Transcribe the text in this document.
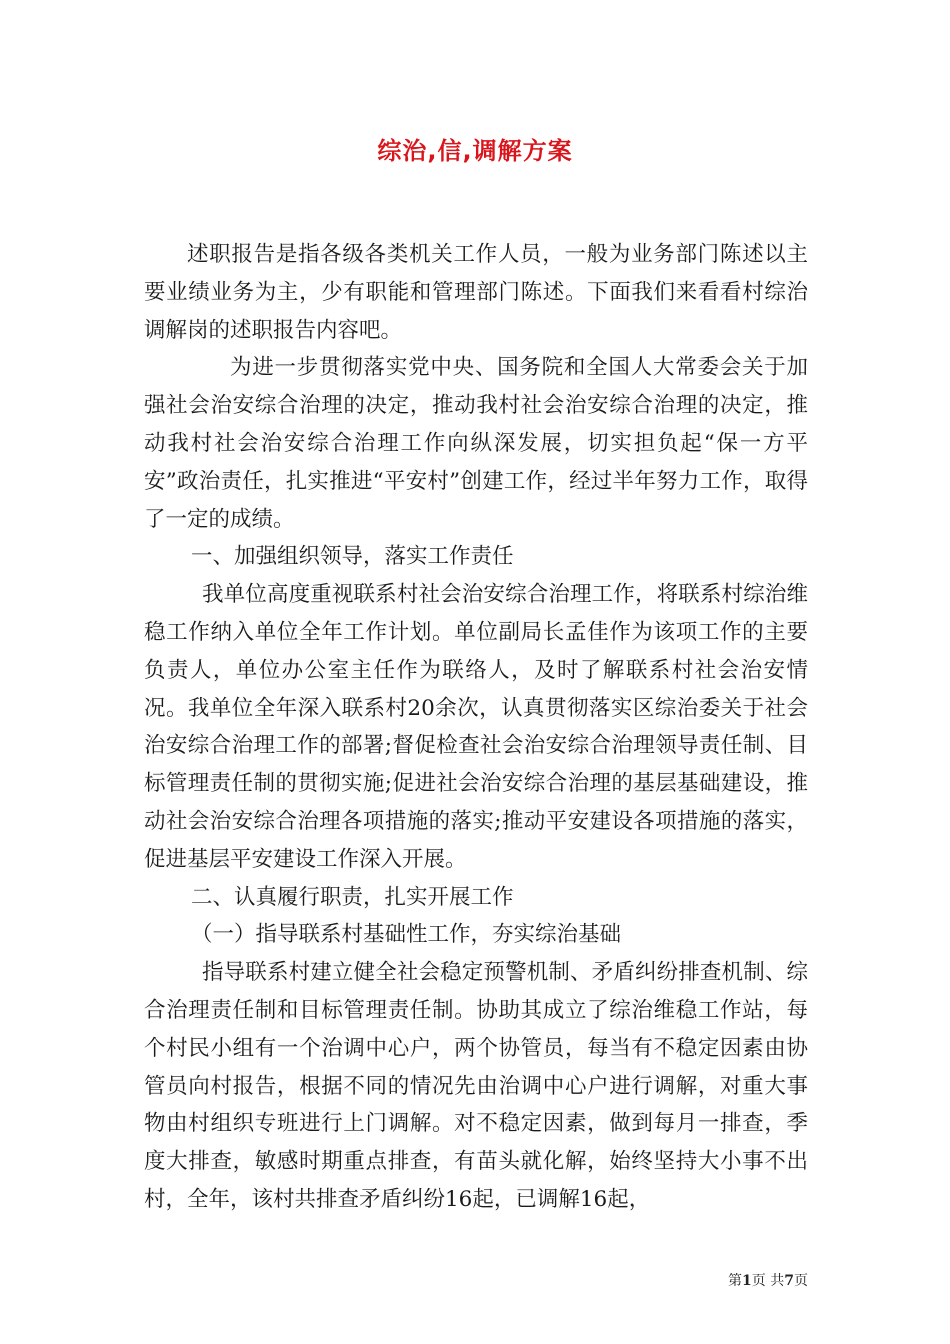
综治,信,调解方案

述职报告是指各级各类机关工作人员，一般为业务部门陈述以主要业绩业务为主，少有职能和管理部门陈述。下面我们来看看村综治调解岗的述职报告内容吧。

为进一步贯彻落实党中央、国务院和全国人大常委会关于加强社会治安综合治理的决定，推动我村社会治安综合治理的决定，推动我村社会治安综合治理工作向纵深发展，切实担负起“保一方平安”政治责任，扎实推进“平安村”创建工作，经过半年努力工作，取得了一定的成绩。

一、加强组织领导，落实工作责任

我单位高度重视联系村社会治安综合治理工作，将联系村综治维稳工作纳入单位全年工作计划。单位副局长孟佳作为该项工作的主要负责人，单位办公室主任作为联络人，及时了解联系村社会治安情况。我单位全年深入联系村20余次，认真贯彻落实区综治委关于社会治安综合治理工作的部署;督促检查社会治安综合治理领导责任制、目标管理责任制的贯彻实施;促进社会治安综合治理的基层基础建设，推动社会治安综合治理各项措施的落实;推动平安建设各项措施的落实，促进基层平安建设工作深入开展。

二、认真履行职责，扎实开展工作

（一）指导联系村基础性工作，夯实综治基础

指导联系村建立健全社会稳定预警机制、矛盾纠纷排查机制、综合治理责任制和目标管理责任制。协助其成立了综治维稳工作站，每个村民小组有一个治调中心户，两个协管员，每当有不稳定因素由协管员向村报告，根据不同的情况先由治调中心户进行调解，对重大事物由村组织专班进行上门调解。对不稳定因素，做到每月一排查，季度大排查，敏感时期重点排查，有苗头就化解，始终坚持大小事不出村，全年，该村共排查矛盾纠纷16起，已调解16起，

第1页 共7页
